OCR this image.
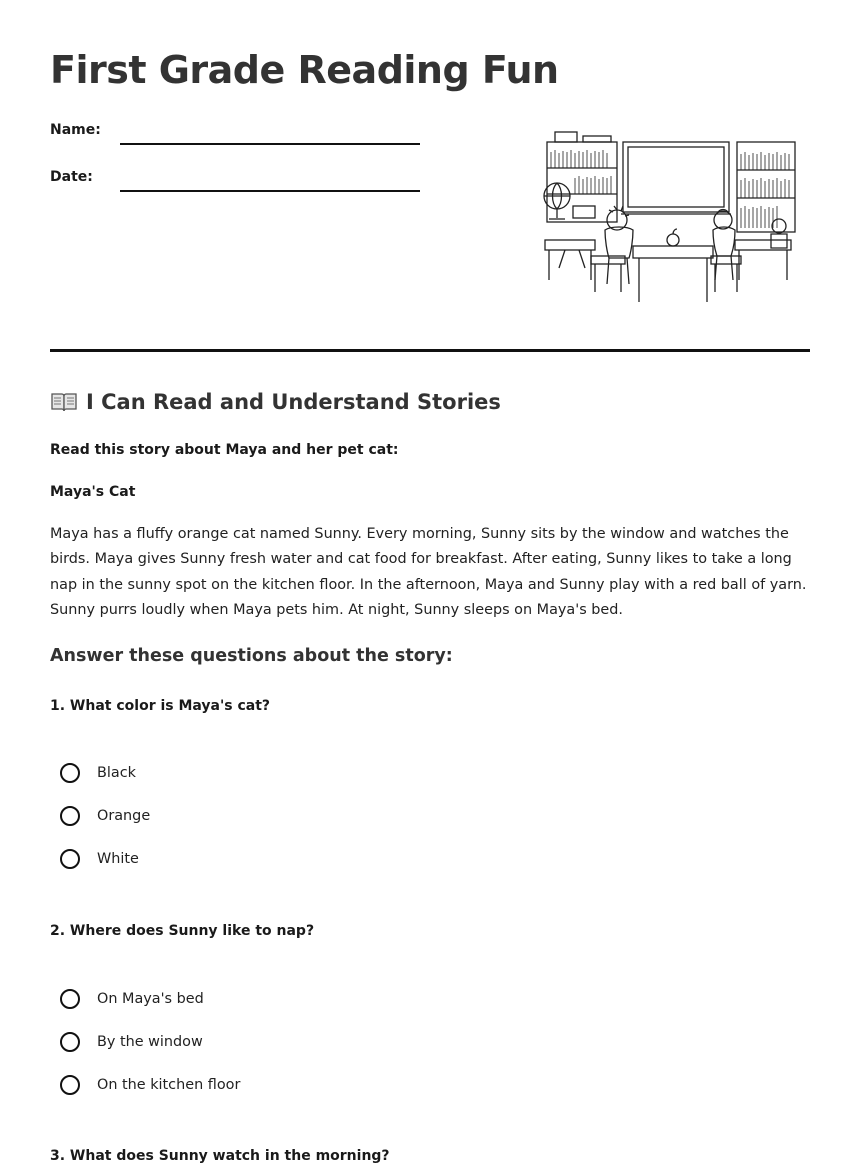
First Grade Reading Fun
Name:
Date:
I Can Read and Understand Stories
Read this story about Maya and her pet cat:
Maya's Cat

Maya has a fluffy orange cat named Sunny. Every morning, Sunny sits by the window and watches the birds. Maya gives Sunny fresh water and cat food for breakfast. After eating, Sunny likes to take a long nap in the sunny spot on the kitchen floor. In the afternoon, Maya and Sunny play with a red ball of yarn. Sunny purrs loudly when Maya pets him. At night, Sunny sleeps on Maya's bed.

Answer these questions about the story:
1. What color is Maya's cat?
Black
Orange
White
2. Where does Sunny like to nap?
On Maya's bed
By the window
On the kitchen floor
3. What does Sunny watch in the morning?
